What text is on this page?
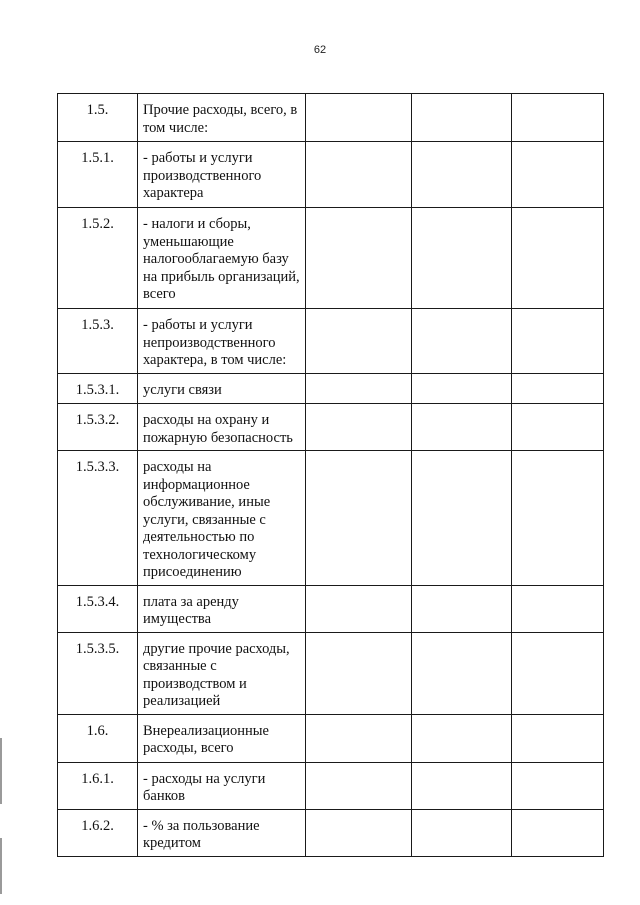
62
1.5.	Прочие расходы, всего, в том числе:			
1.5.1.	- работы и услуги производственного характера			
1.5.2.	- налоги и сборы, уменьшающие налогооблагаемую базу на прибыль организаций, всего			
1.5.3.	- работы и услуги непроизводственного характера, в том числе:			
1.5.3.1.	услуги связи			
1.5.3.2.	расходы на охрану и пожарную безопасность			
1.5.3.3.	расходы на информационное обслуживание, иные услуги, связанные с деятельностью по технологическому присоединению			
1.5.3.4.	плата за аренду имущества			
1.5.3.5.	другие прочие расходы, связанные с производством и реализацией			
1.6.	Внереализационные расходы, всего			
1.6.1.	- расходы на услуги банков			
1.6.2.	- % за пользование кредитом			
